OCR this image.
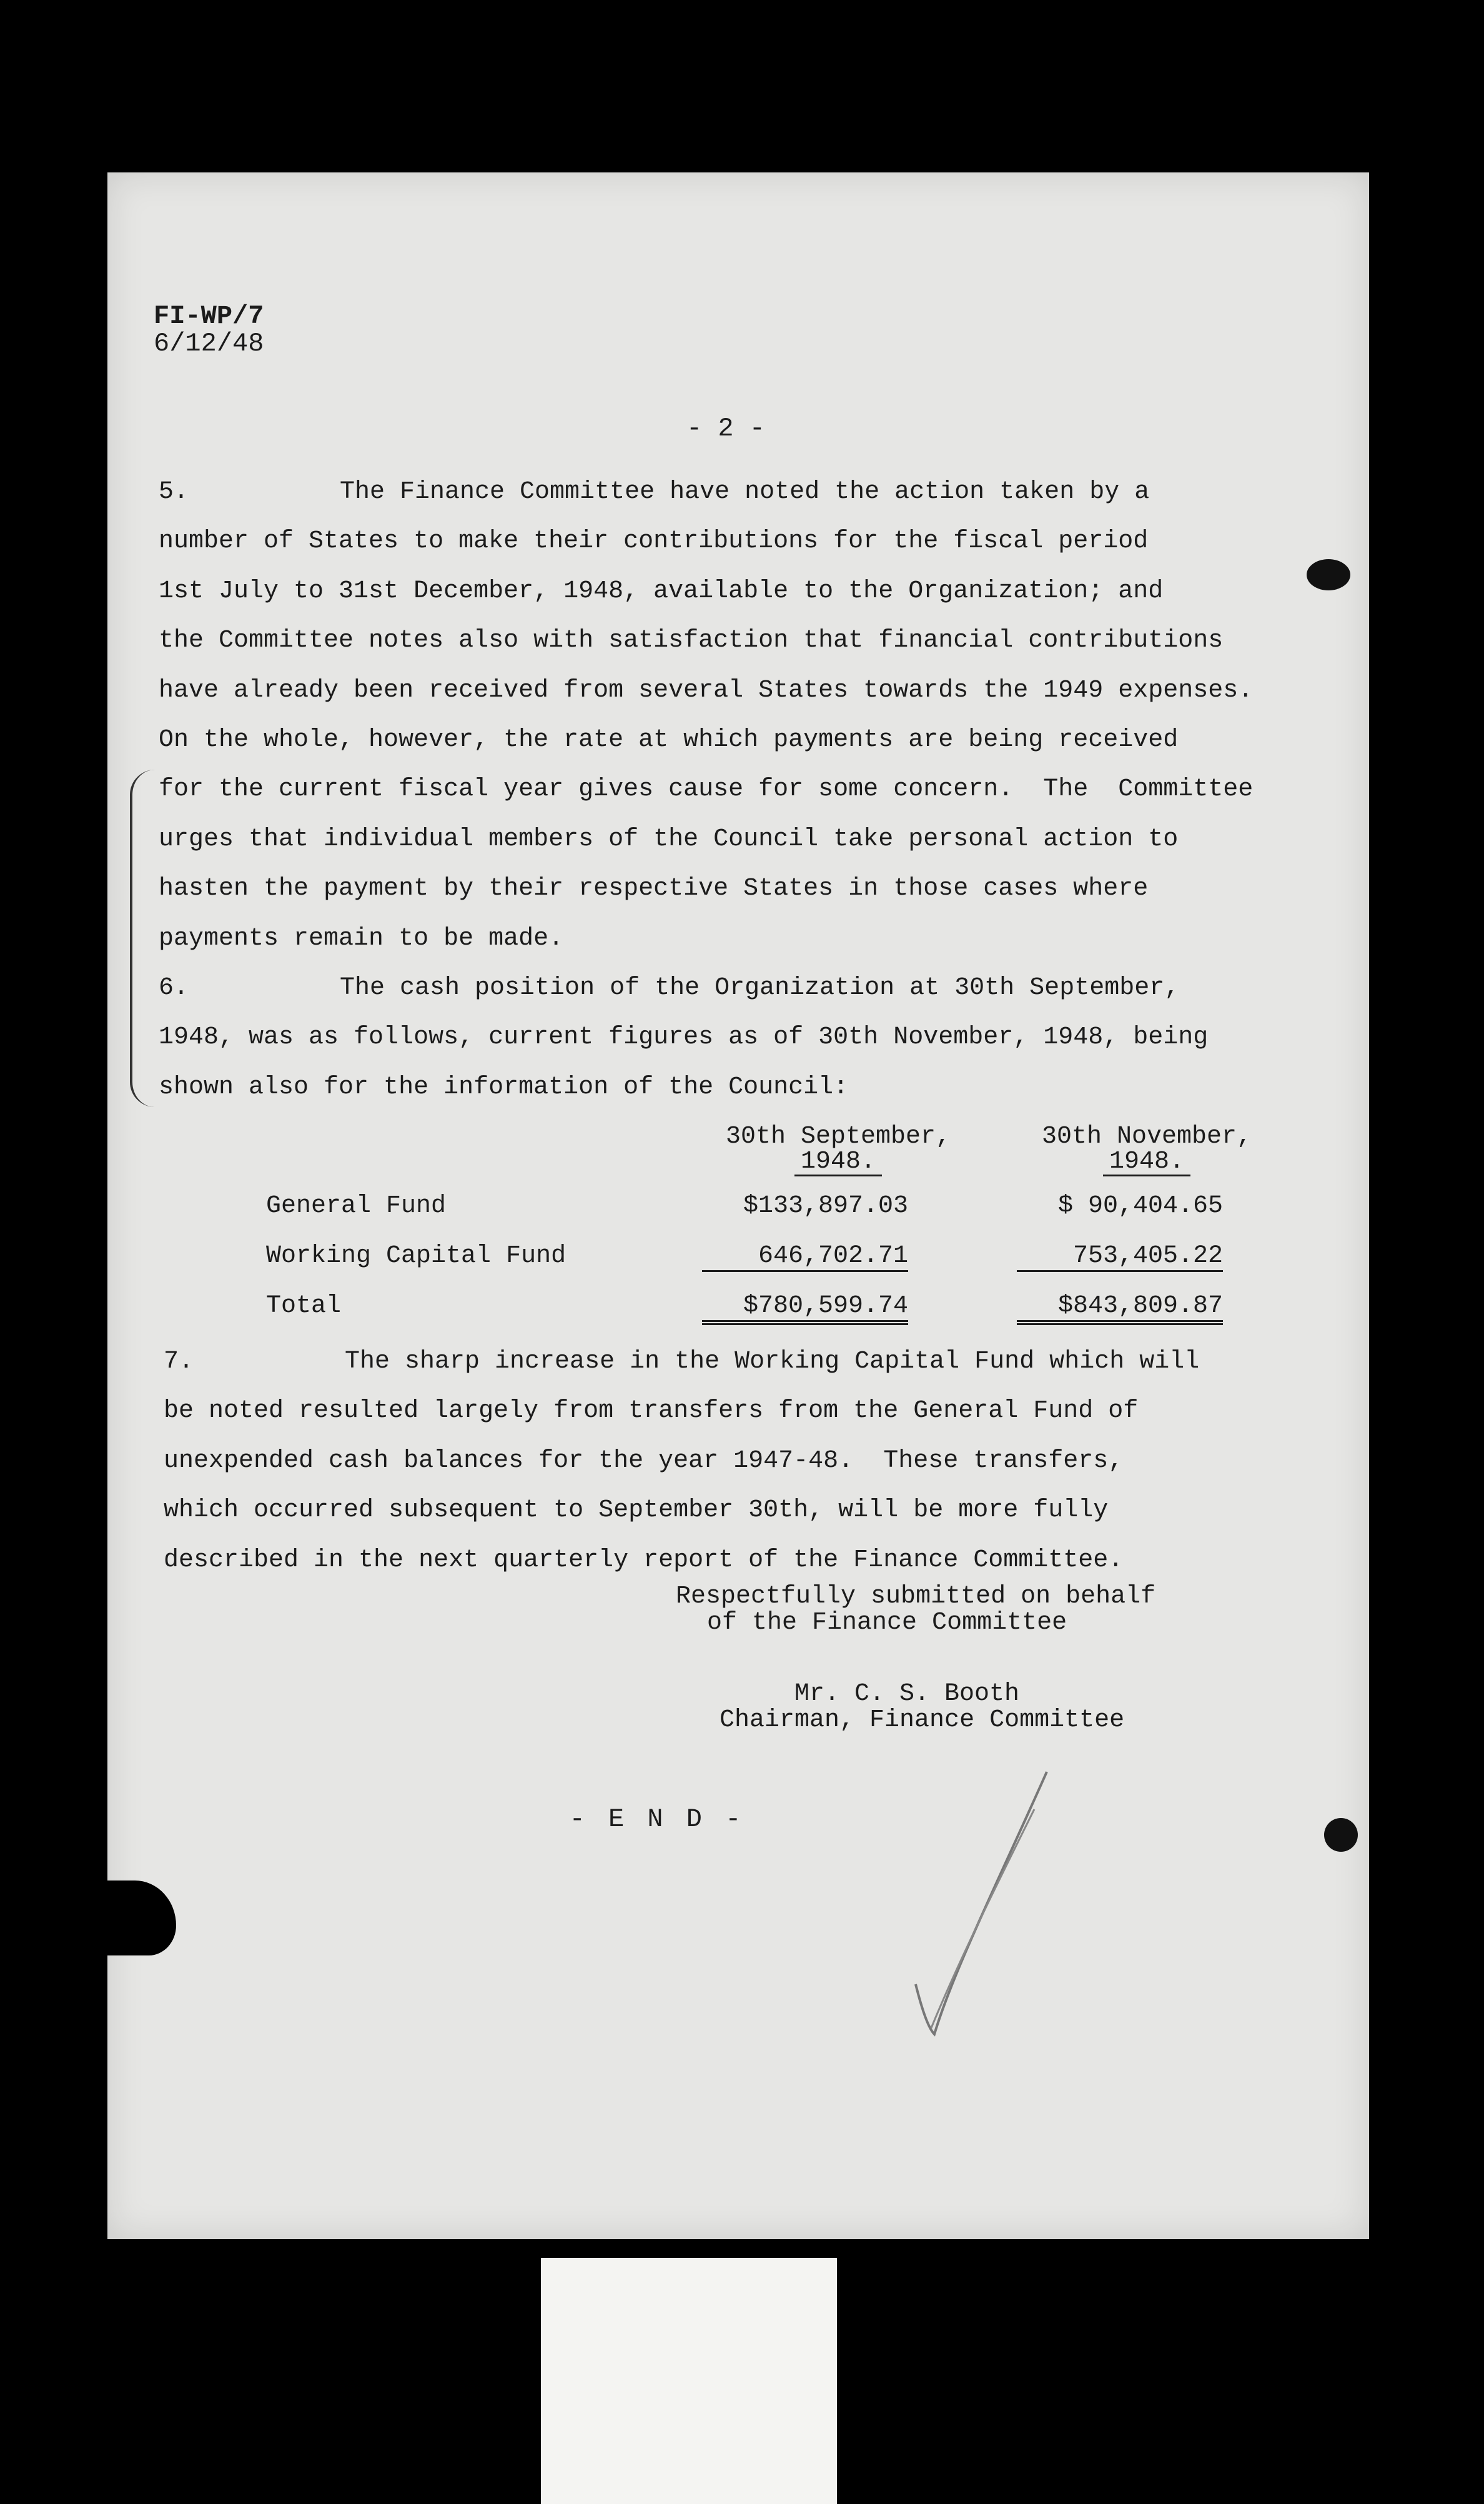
FI-WP/7
6/12/48
- 2 -
5.	The Finance Committee have noted the action taken by a
number of States to make their contributions for the fiscal period
1st July to 31st December, 1948, available to the Organization; and
the Committee notes also with satisfaction that financial contributions
have already been received from several States towards the 1949 expenses.
On the whole, however, the rate at which payments are being received
for the current fiscal year gives cause for some concern.  The  Committee
urges that individual members of the Council take personal action to
hasten the payment by their respective States in those cases where
payments remain to be made.
6.	The cash position of the Organization at 30th September,
1948, was as follows, current figures as of 30th November, 1948, being
shown also for the information of the Council:
30th September,
1948.
30th November,
1948.
General Fund	$133,897.03	$ 90,404.65
Working Capital Fund	646,702.71	753,405.22
Total	$780,599.74	$843,809.87
7.	The sharp increase in the Working Capital Fund which will
be noted resulted largely from transfers from the General Fund of
unexpended cash balances for the year 1947-48.  These transfers,
which occurred subsequent to September 30th, will be more fully
described in the next quarterly report of the Finance Committee.
Respectfully submitted on behalf
of the Finance Committee
Mr. C. S. Booth
Chairman, Finance Committee
- E N D -
